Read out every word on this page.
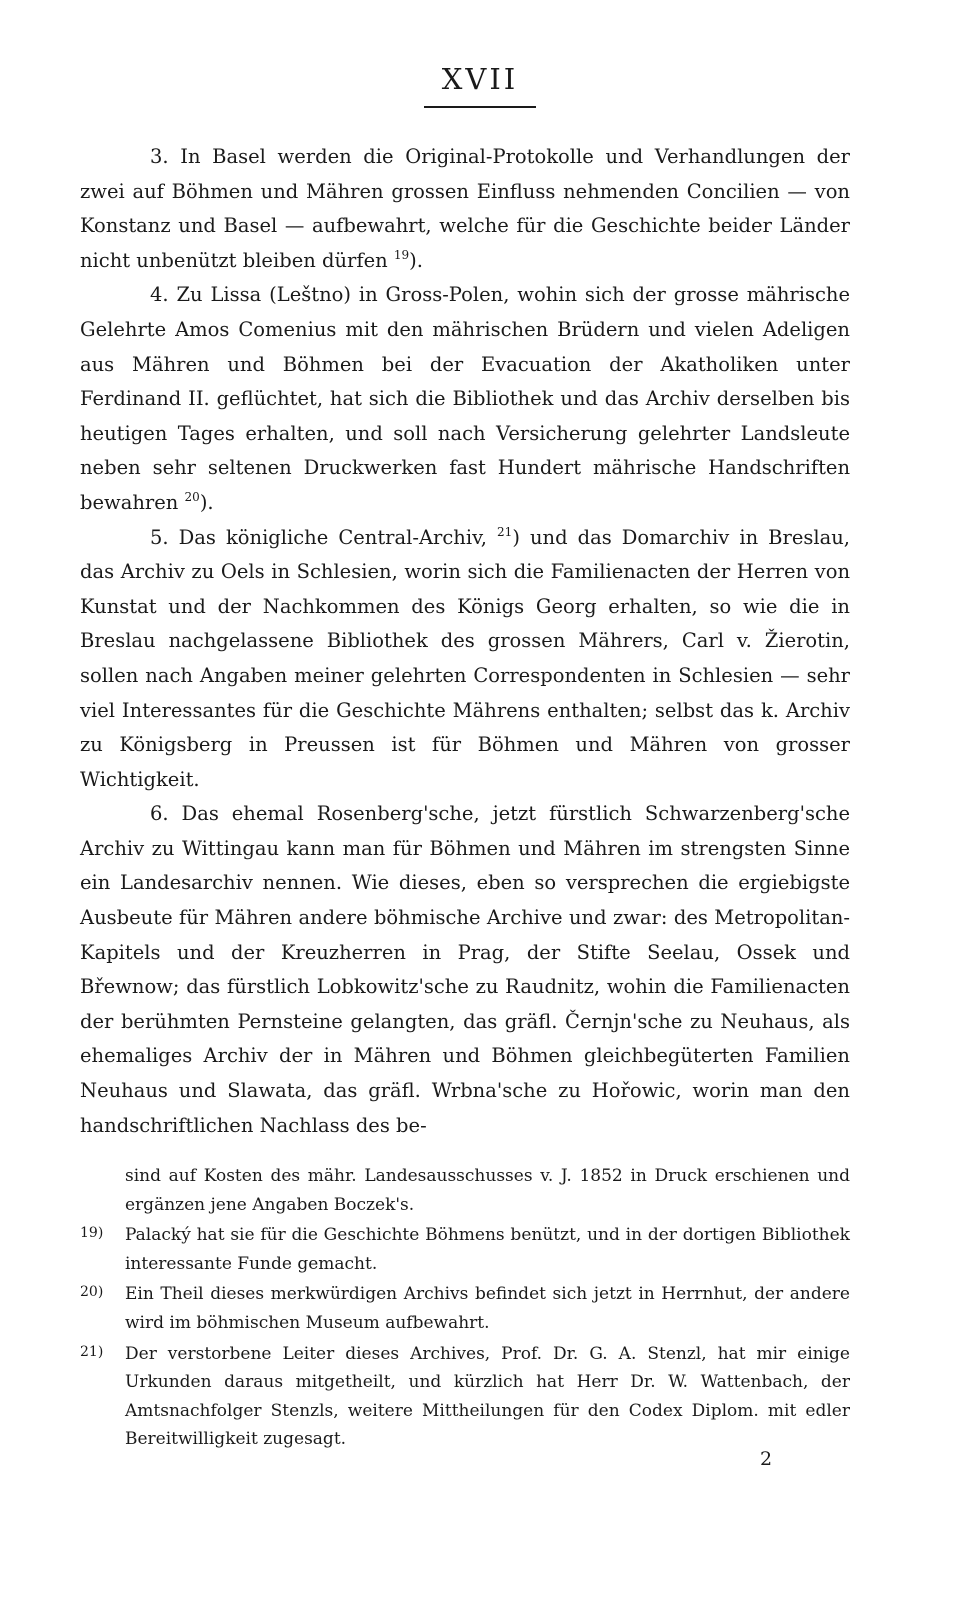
XVII

3. In Basel werden die Original-Protokolle und Verhandlungen der zwei auf Böhmen und Mähren grossen Einfluss nehmenden Concilien — von Konstanz und Basel — aufbewahrt, welche für die Geschichte beider Länder nicht unbenützt bleiben dürfen $^{19}$).

4. Zu Lissa (Leštno) in Gross-Polen, wohin sich der grosse mährische Gelehrte Amos Comenius mit den mährischen Brüdern und vielen Adeligen aus Mähren und Böhmen bei der Evacuation der Akatholiken unter Ferdinand II. geflüchtet, hat sich die Bibliothek und das Archiv derselben bis heutigen Tages erhalten, und soll nach Versicherung gelehrter Landsleute neben sehr seltenen Druckwerken fast Hundert mährische Handschriften bewahren $^{20}$).

5. Das königliche Central-Archiv, $^{21}$) und das Domarchiv in Breslau, das Archiv zu Oels in Schlesien, worin sich die Familienacten der Herren von Kunstat und der Nachkommen des Königs Georg erhalten, so wie die in Breslau nachgelassene Bibliothek des grossen Mährers, Carl v. Žierotin, sollen nach Angaben meiner gelehrten Correspondenten in Schlesien — sehr viel Interessantes für die Geschichte Mährens enthalten; selbst das k. Archiv zu Königsberg in Preussen ist für Böhmen und Mähren von grosser Wichtigkeit.

6. Das ehemal Rosenberg'sche, jetzt fürstlich Schwarzenberg'sche Archiv zu Wittingau kann man für Böhmen und Mähren im strengsten Sinne ein Landesarchiv nennen. Wie dieses, eben so versprechen die ergiebigste Ausbeute für Mähren andere böhmische Archive und zwar: des Metropolitan-Kapitels und der Kreuzherren in Prag, der Stifte Seelau, Ossek und Břewnow; das fürstlich Lobkowitz'sche zu Raudnitz, wohin die Familienacten der berühmten Pernsteine gelangten, das gräfl. Černjn'sche zu Neuhaus, als ehemaliges Archiv der in Mähren und Böhmen gleichbegüterten Familien Neuhaus und Slawata, das gräfl. Wrbna'sche zu Hořowic, worin man den handschriftlichen Nachlass des be-

sind auf Kosten des mähr. Landesausschusses v. J. 1852 in Druck erschienen und ergänzen jene Angaben Boczek's.

19) Palacký hat sie für die Geschichte Böhmens benützt, und in der dortigen Bibliothek interessante Funde gemacht.

20) Ein Theil dieses merkwürdigen Archivs befindet sich jetzt in Herrnhut, der andere wird im böhmischen Museum aufbewahrt.

21) Der verstorbene Leiter dieses Archives, Prof. Dr. G. A. Stenzl, hat mir einige Urkunden daraus mitgetheilt, und kürzlich hat Herr Dr. W. Wattenbach, der Amtsnachfolger Stenzls, weitere Mittheilungen für den Codex Diplom. mit edler Bereitwilligkeit zugesagt.

2
